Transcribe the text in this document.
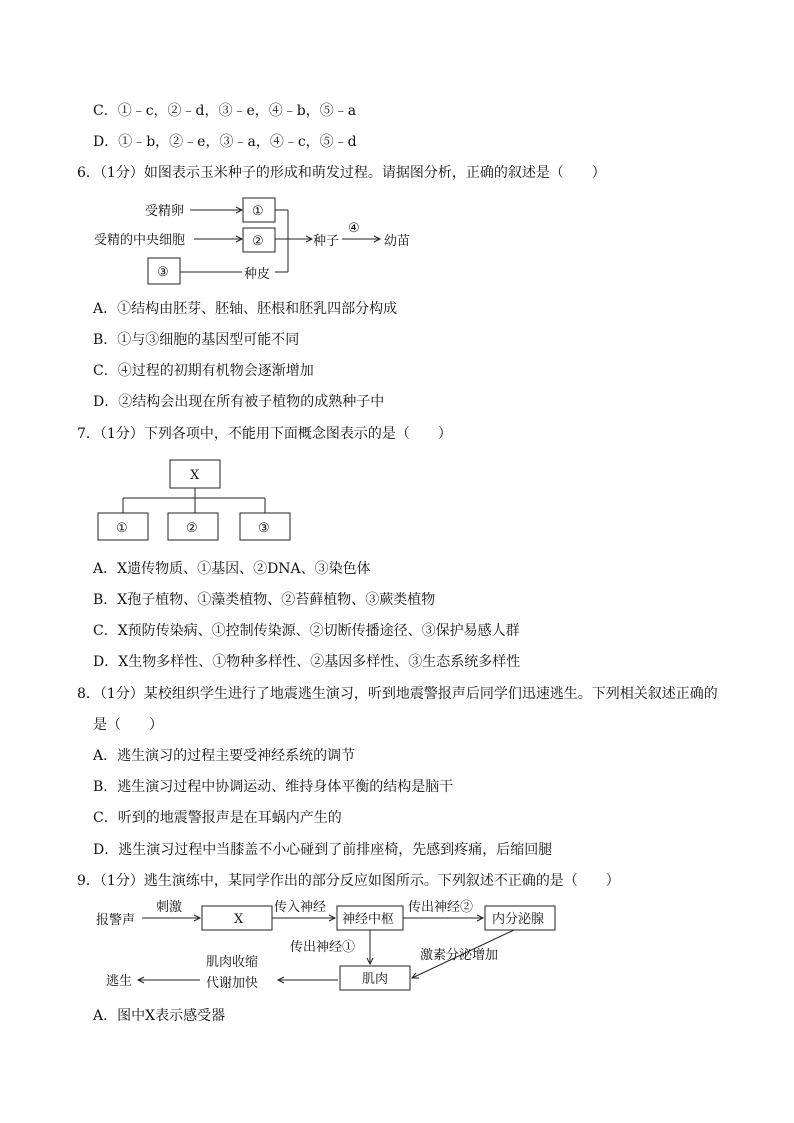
C．①﹣c，②﹣d，③﹣e，④﹣b，⑤﹣a
D．①﹣b，②﹣e，③﹣a，④﹣c，⑤﹣d
6．（1分）如图表示玉米种子的形成和萌发过程。请据图分析，正确的叙述是（　　）
受精卵	①
受精的中央细胞	②
③	种皮
种子
④
幼苗
A．①结构由胚芽、胚轴、胚根和胚乳四部分构成
B．①与③细胞的基因型可能不同
C．④过程的初期有机物会逐渐增加
D．②结构会出现在所有被子植物的成熟种子中
7．（1分）下列各项中，不能用下面概念图表示的是（　　）
X
①	②	③
A．X遗传物质、①基因、②DNA、③染色体
B．X孢子植物、①藻类植物、②苔藓植物、③蕨类植物
C．X预防传染病、①控制传染源、②切断传播途径、③保护易感人群
D．X生物多样性、①物种多样性、②基因多样性、③生态系统多样性
8．（1分）某校组织学生进行了地震逃生演习，听到地震警报声后同学们迅速逃生。下列相关叙述正确的
是（　　）
A．逃生演习的过程主要受神经系统的调节
B．逃生演习过程中协调运动、维持身体平衡的结构是脑干
C．听到的地震警报声是在耳蜗内产生的
D．逃生演习过程中当膝盖不小心碰到了前排座椅，先感到疼痛，后缩回腿
9．（1分）逃生演练中，某同学作出的部分反应如图所示。下列叙述不正确的是（　　）
报警声
刺激
X
传入神经
神经中枢
传出神经②
内分泌腺
传出神经①
肌肉
激素分泌增加
肌肉收缩
代谢加快
逃生
A．图中X表示感受器
